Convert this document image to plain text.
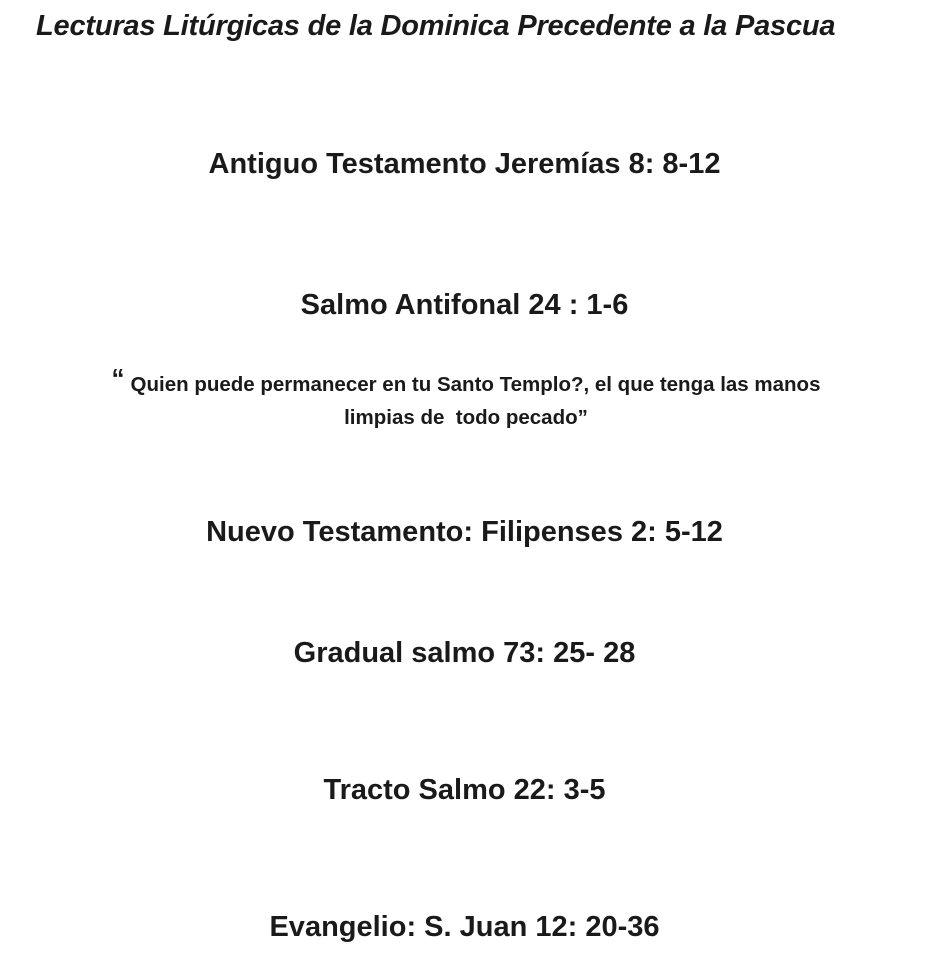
Lecturas Litúrgicas de la Dominica Precedente a la Pascua
Antiguo Testamento Jeremías 8: 8-12
Salmo Antifonal 24 : 1-6
“ Quien puede permanecer en tu Santo Templo?, el que tenga las manos
limpias de  todo pecado”
Nuevo Testamento: Filipenses 2: 5-12
Gradual salmo 73: 25- 28
Tracto Salmo 22: 3-5
Evangelio: S. Juan 12: 20-36
